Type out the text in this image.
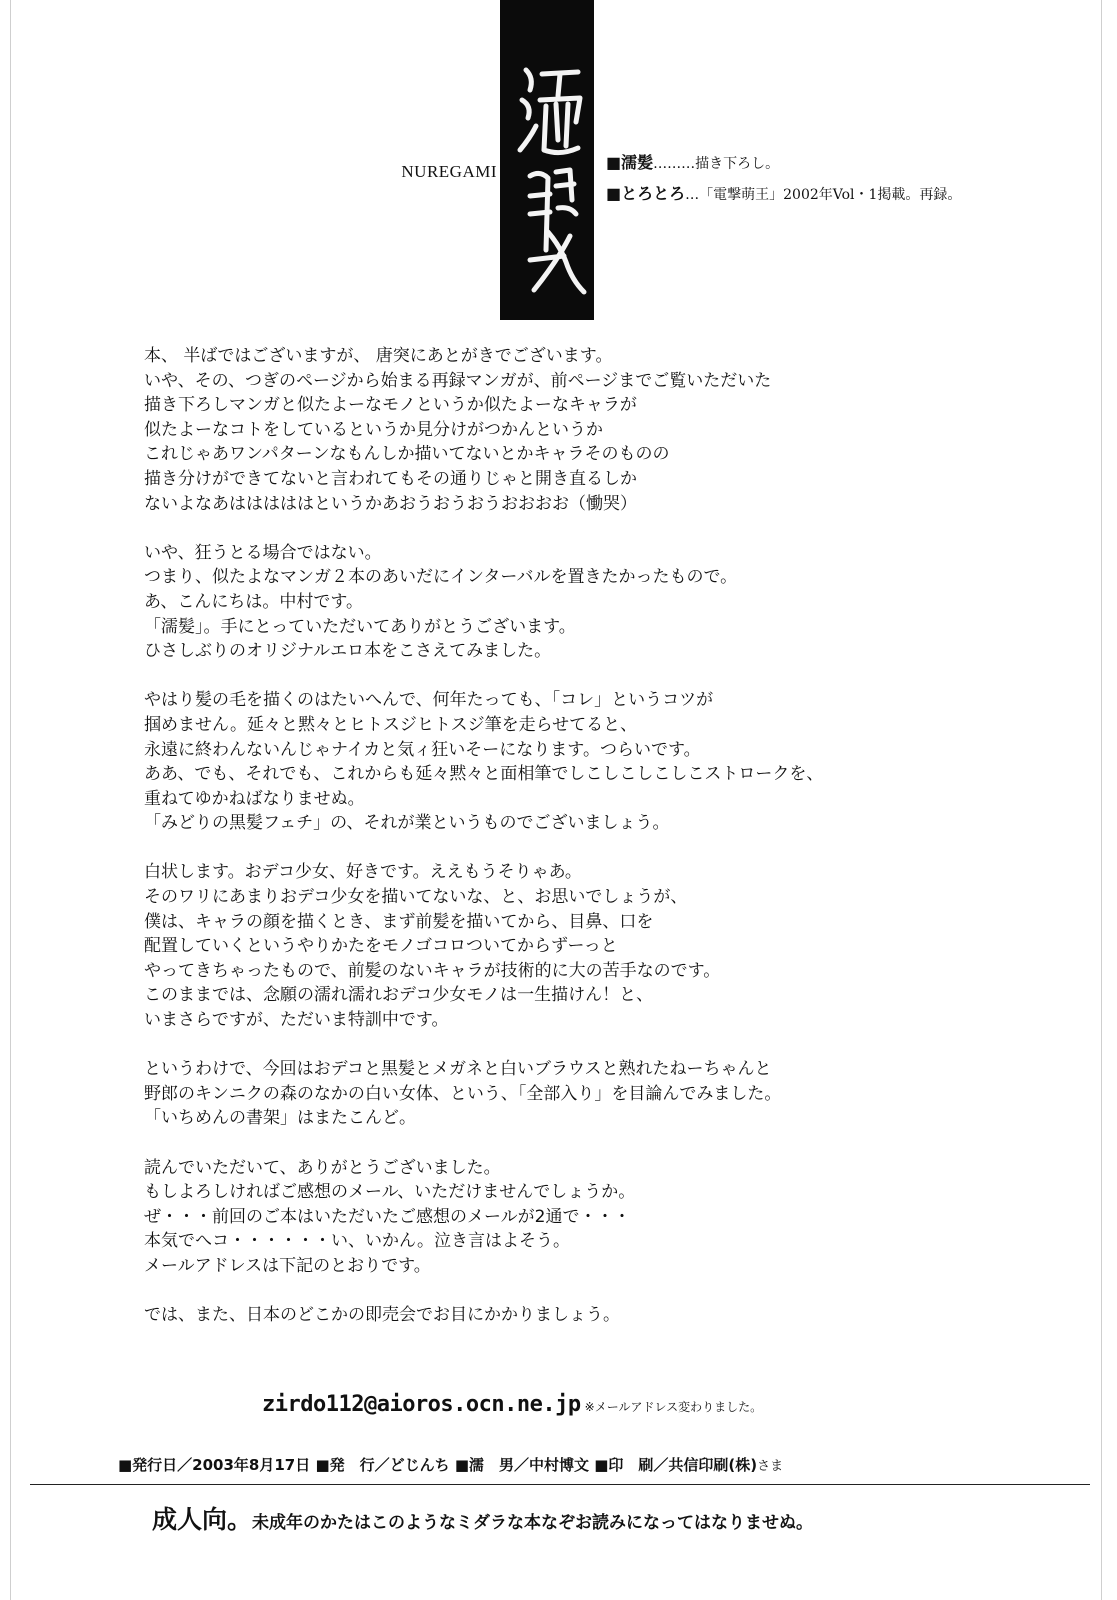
NUREGAMI	■濡髪………描き下ろし。
■とろとろ…「電撃萌王」2002年Vol・1掲載。再録。
本、 半ばではございますが、 唐突にあとがきでございます。
いや、その、つぎのページから始まる再録マンガが、前ページまでご覧いただいた
描き下ろしマンガと似たよーなモノというか似たよーなキャラが
似たよーなコトをしているというか見分けがつかんというか
これじゃあワンパターンなもんしか描いてないとかキャラそのものの
描き分けができてないと言われてもその通りじゃと開き直るしか
ないよなあはははははというかあおうおうおうおおおお（慟哭）
いや、狂うとる場合ではない。
つまり、似たよなマンガ２本のあいだにインターバルを置きたかったもので。
あ、こんにちは。中村です。
「濡髪」。手にとっていただいてありがとうございます。
ひさしぶりのオリジナルエロ本をこさえてみました。
やはり髪の毛を描くのはたいへんで、何年たっても、「コレ」というコツが
掴めません。延々と黙々とヒトスジヒトスジ筆を走らせてると、
永遠に終わんないんじゃナイカと気ィ狂いそーになります。つらいです。
ああ、でも、それでも、これからも延々黙々と面相筆でしこしこしこしこストロークを、
重ねてゆかねばなりませぬ。
「みどりの黒髪フェチ」の、それが業というものでございましょう。
白状します。おデコ少女、好きです。ええもうそりゃあ。
そのワリにあまりおデコ少女を描いてないな、と、お思いでしょうが、
僕は、キャラの顔を描くとき、まず前髪を描いてから、目鼻、口を
配置していくというやりかたをモノゴコロついてからずーっと
やってきちゃったもので、前髪のないキャラが技術的に大の苦手なのです。
このままでは、念願の濡れ濡れおデコ少女モノは一生描けん！と、
いまさらですが、ただいま特訓中です。
というわけで、今回はおデコと黒髪とメガネと白いブラウスと熟れたねーちゃんと
野郎のキンニクの森のなかの白い女体、という、「全部入り」を目論んでみました。
「いちめんの書架」はまたこんど。
読んでいただいて、ありがとうございました。
もしよろしければご感想のメール、いただけませんでしょうか。
ぜ・・・前回のご本はいただいたご感想のメールが2通で・・・
本気でへコ・・・・・・い、いかん。泣き言はよそう。
メールアドレスは下記のとおりです。
では、また、日本のどこかの即売会でお目にかかりましょう。
zirdo112@aioros.ocn.ne.jp ※メールアドレス変わりました。
■発行日／2003年8月17日 ■発　行／どじんち ■濡　男／中村博文 ■印　刷／共信印刷(株)さま
成人向。未成年のかたはこのようなミダラな本なぞお読みになってはなりませぬ。
